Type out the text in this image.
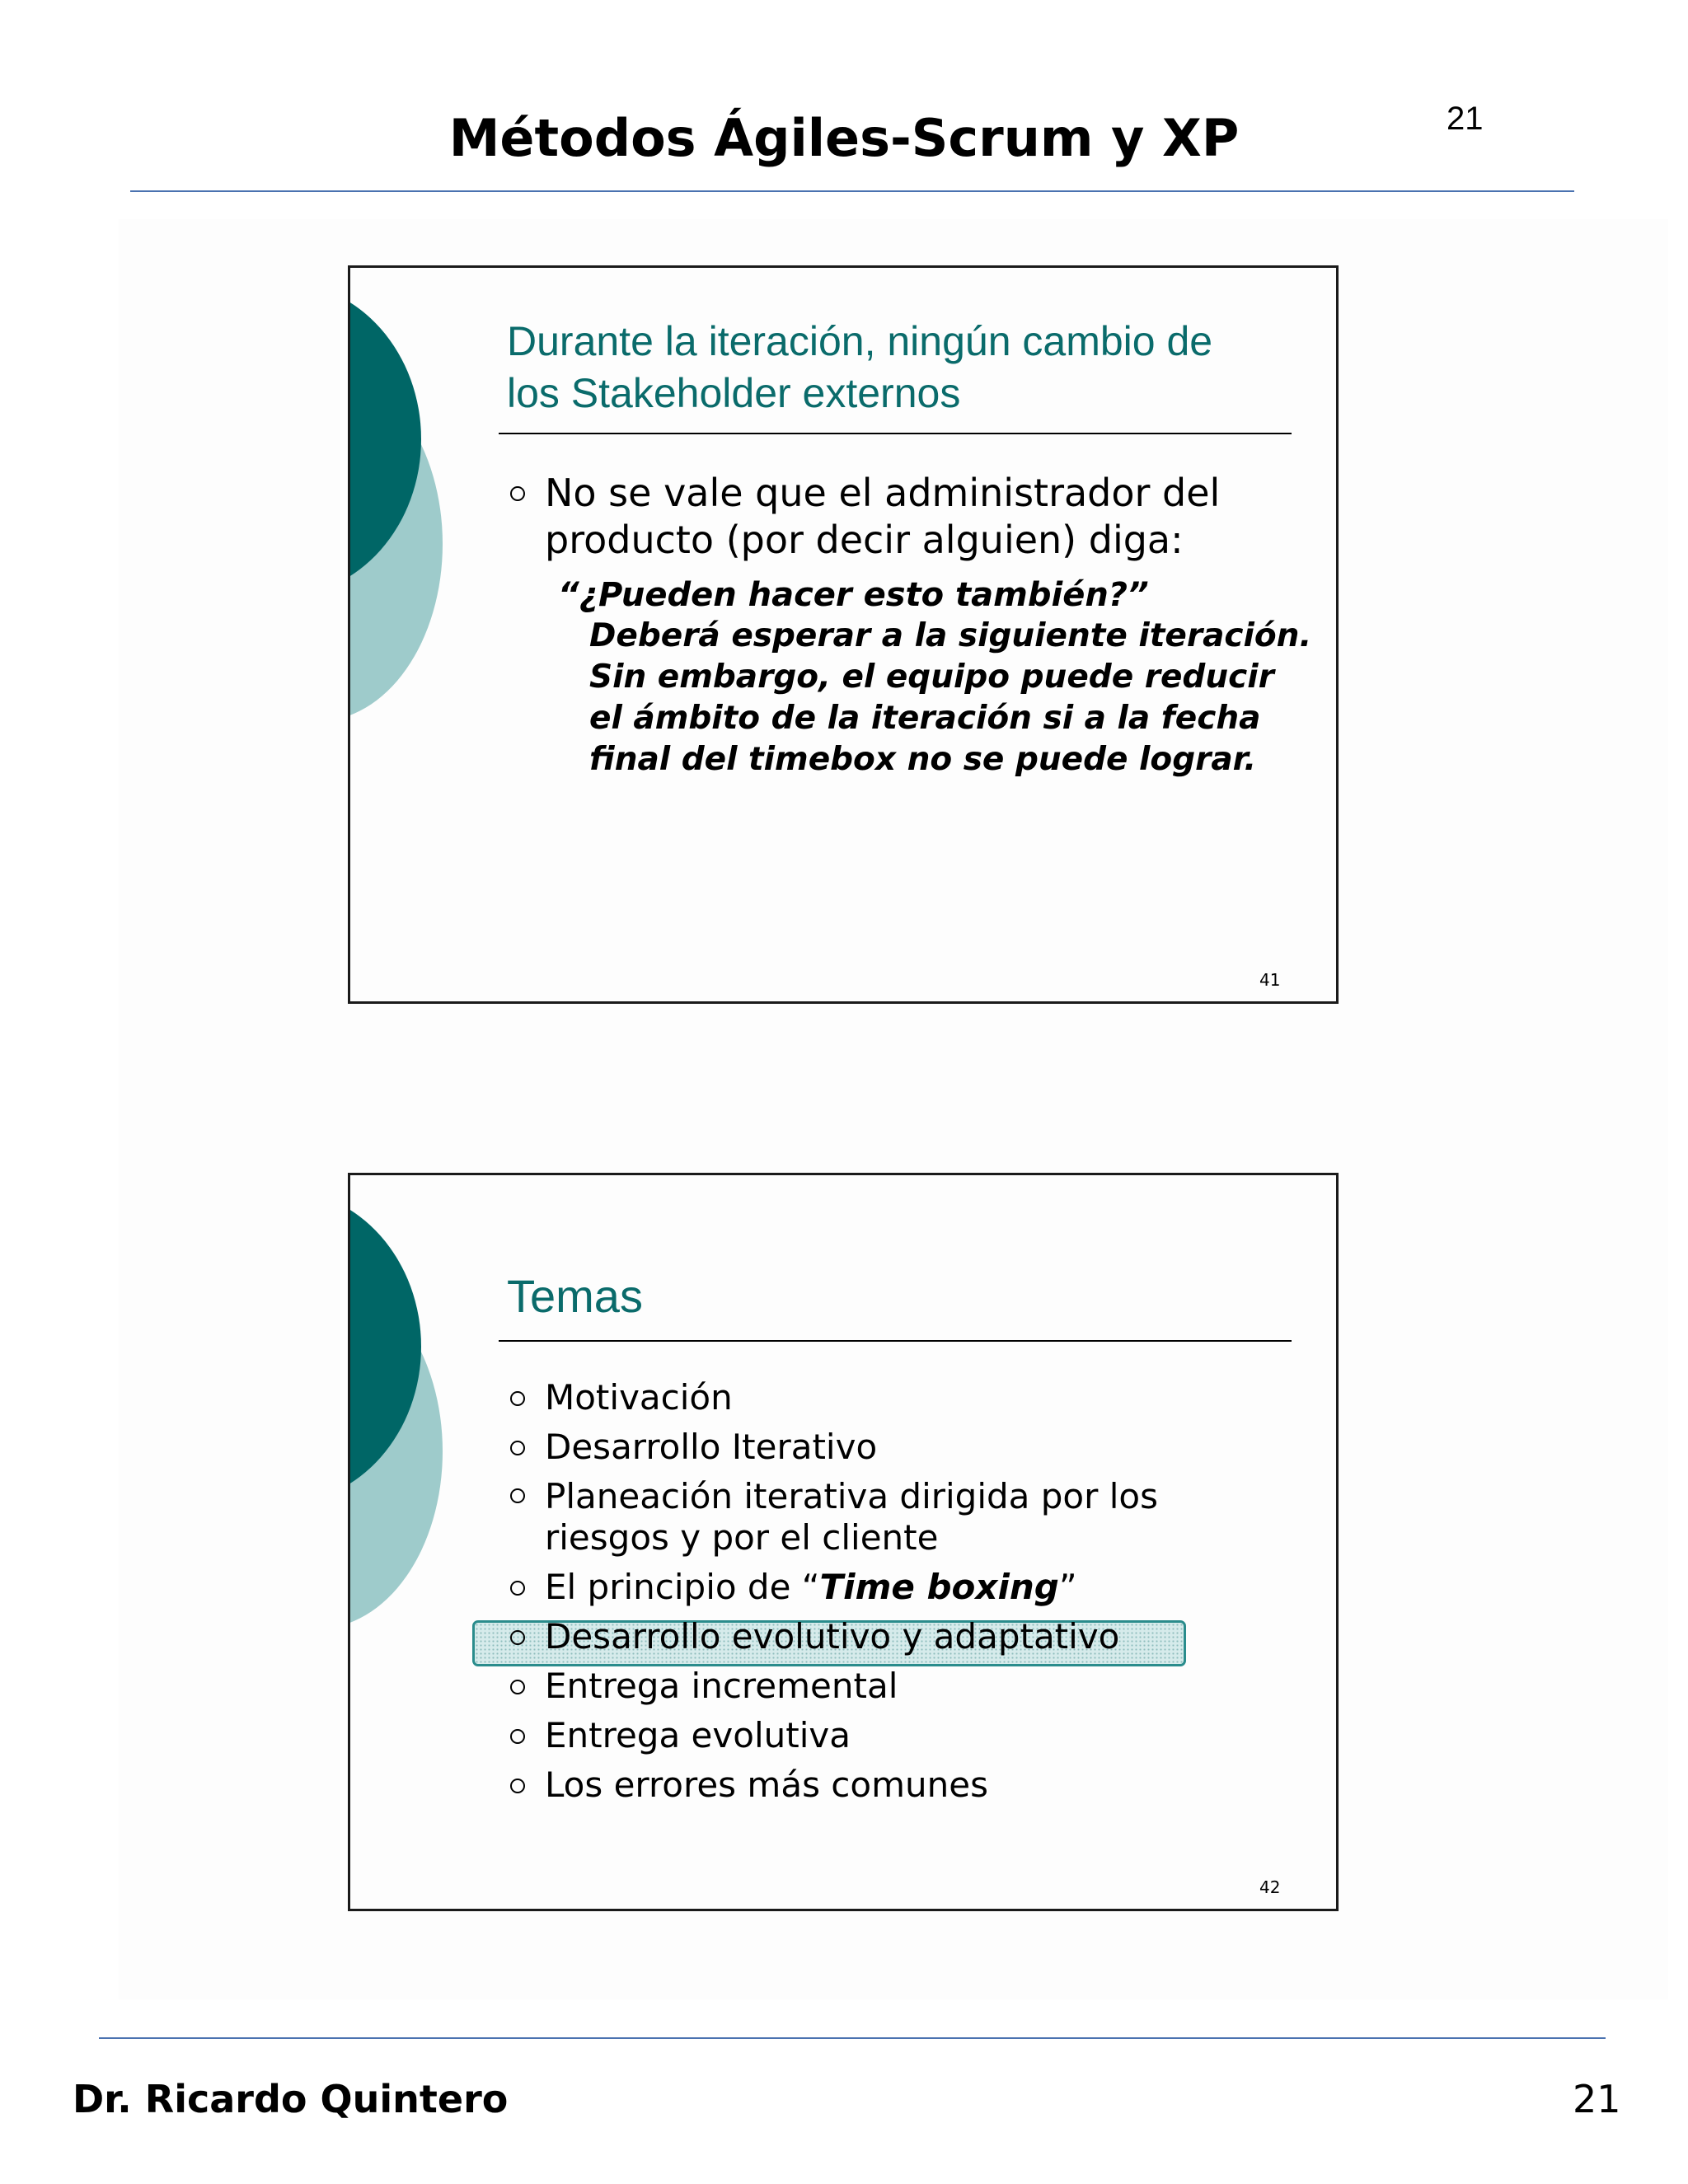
Métodos Ágiles-Scrum y XP	21
Durante la iteración, ningún cambio de
los Stakeholder externos
No se vale que el administrador del
producto (por decir alguien) diga:
“¿Pueden hacer esto también?”
Deberá esperar a la siguiente iteración.
Sin embargo, el equipo puede reducir
el ámbito de la iteración si a la fecha
final del timebox no se puede lograr.
41
Temas
Motivación
Desarrollo Iterativo
Planeación iterativa dirigida por los
riesgos y por el cliente
El principio de “Time boxing”
Desarrollo evolutivo y adaptativo
Entrega incremental
Entrega evolutiva
Los errores más comunes
42
Dr. Ricardo Quintero	21
